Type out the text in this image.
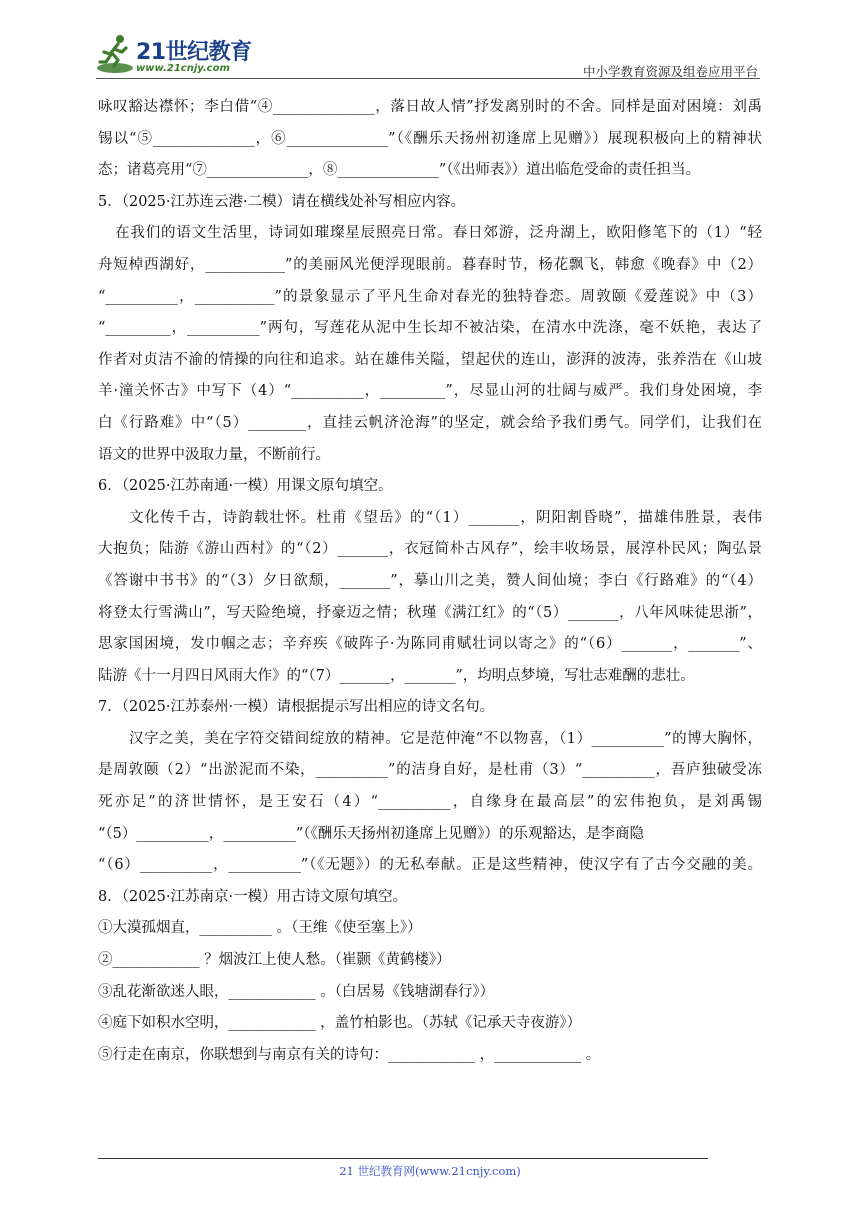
21世纪教育
www.21cnjy.com	中小学教育资源及组卷应用平台
咏叹豁达襟怀；李白借“④______________，落日故人情”抒发离别时的不舍。同样是面对困境：刘禹
锡以“⑤______________，⑥______________”（《酬乐天扬州初逢席上见赠》）展现积极向上的精神状
态；诸葛亮用“⑦______________，⑧______________”（《出师表》）道出临危受命的责任担当。
5．（2025·江苏连云港·二模）请在横线处补写相应内容。
在我们的语文生活里，诗词如璀璨星辰照亮日常。春日郊游，泛舟湖上，欧阳修笔下的（1）“轻
舟短棹西湖好，___________”的美丽风光便浮现眼前。暮春时节，杨花飘飞，韩愈《晚春》中（2）
“__________，___________”的景象显示了平凡生命对春光的独特眷恋。周敦颐《爱莲说》中（3）
“_________，__________”两句，写莲花从泥中生长却不被沾染，在清水中洗涤，毫不妖艳，表达了
作者对贞洁不渝的情操的向往和追求。站在雄伟关隘，望起伏的连山，澎湃的波涛，张养浩在《山坡
羊·潼关怀古》中写下（4）“__________，_________”，尽显山河的壮阔与威严。我们身处困境，李
白《行路难》中“（5）________，直挂云帆济沧海”的坚定，就会给予我们勇气。同学们，让我们在
语文的世界中汲取力量，不断前行。
6．（2025·江苏南通·一模）用课文原句填空。
文化传千古，诗韵载壮怀。杜甫《望岳》的“（1）_______，阴阳割昏晓”，描雄伟胜景，表伟
大抱负；陆游《游山西村》的“（2）_______，衣冠简朴古风存”，绘丰收场景，展淳朴民风；陶弘景
《答谢中书书》的“（3）夕日欲颓，_______”，摹山川之美，赞人间仙境；李白《行路难》的“（4）
将登太行雪满山”，写天险绝境，抒豪迈之情；秋瑾《满江红》的“（5）_______，八年风味徒思浙”，
思家国困境，发巾帼之志；辛弃疾《破阵子·为陈同甫赋壮词以寄之》的“（6）_______，_______”、
陆游《十一月四日风雨大作》的“（7）_______，_______”，均明点梦境，写壮志难酬的悲壮。
7．（2025·江苏泰州·一模）请根据提示写出相应的诗文名句。
汉字之美，美在字符交错间绽放的精神。它是范仲淹“不以物喜，（1）__________”的博大胸怀，
是周敦颐（2）“出淤泥而不染，__________”的洁身自好，是杜甫（3）“__________，吾庐独破受冻
死亦足”的济世情怀，是王安石（4）“__________，自缘身在最高层”的宏伟抱负，是刘禹锡
“（5）__________，__________”（《酬乐天扬州初逢席上见赠》）的乐观豁达，是李商隐
“（6）__________，__________”（《无题》）的无私奉献。正是这些精神，使汉字有了古今交融的美。
8．（2025·江苏南京·一模）用古诗文原句填空。
①大漠孤烟直，__________ 。（王维《使至塞上》）
②____________ ？烟波江上使人愁。（崔颢《黄鹤楼》）
③乱花渐欲迷人眼，____________ 。（白居易《钱塘湖春行》）
④庭下如积水空明，____________ ，盖竹柏影也。（苏轼《记承天寺夜游》）
⑤行走在南京，你联想到与南京有关的诗句：____________ ，____________ 。
21 世纪教育网(www.21cnjy.com)
